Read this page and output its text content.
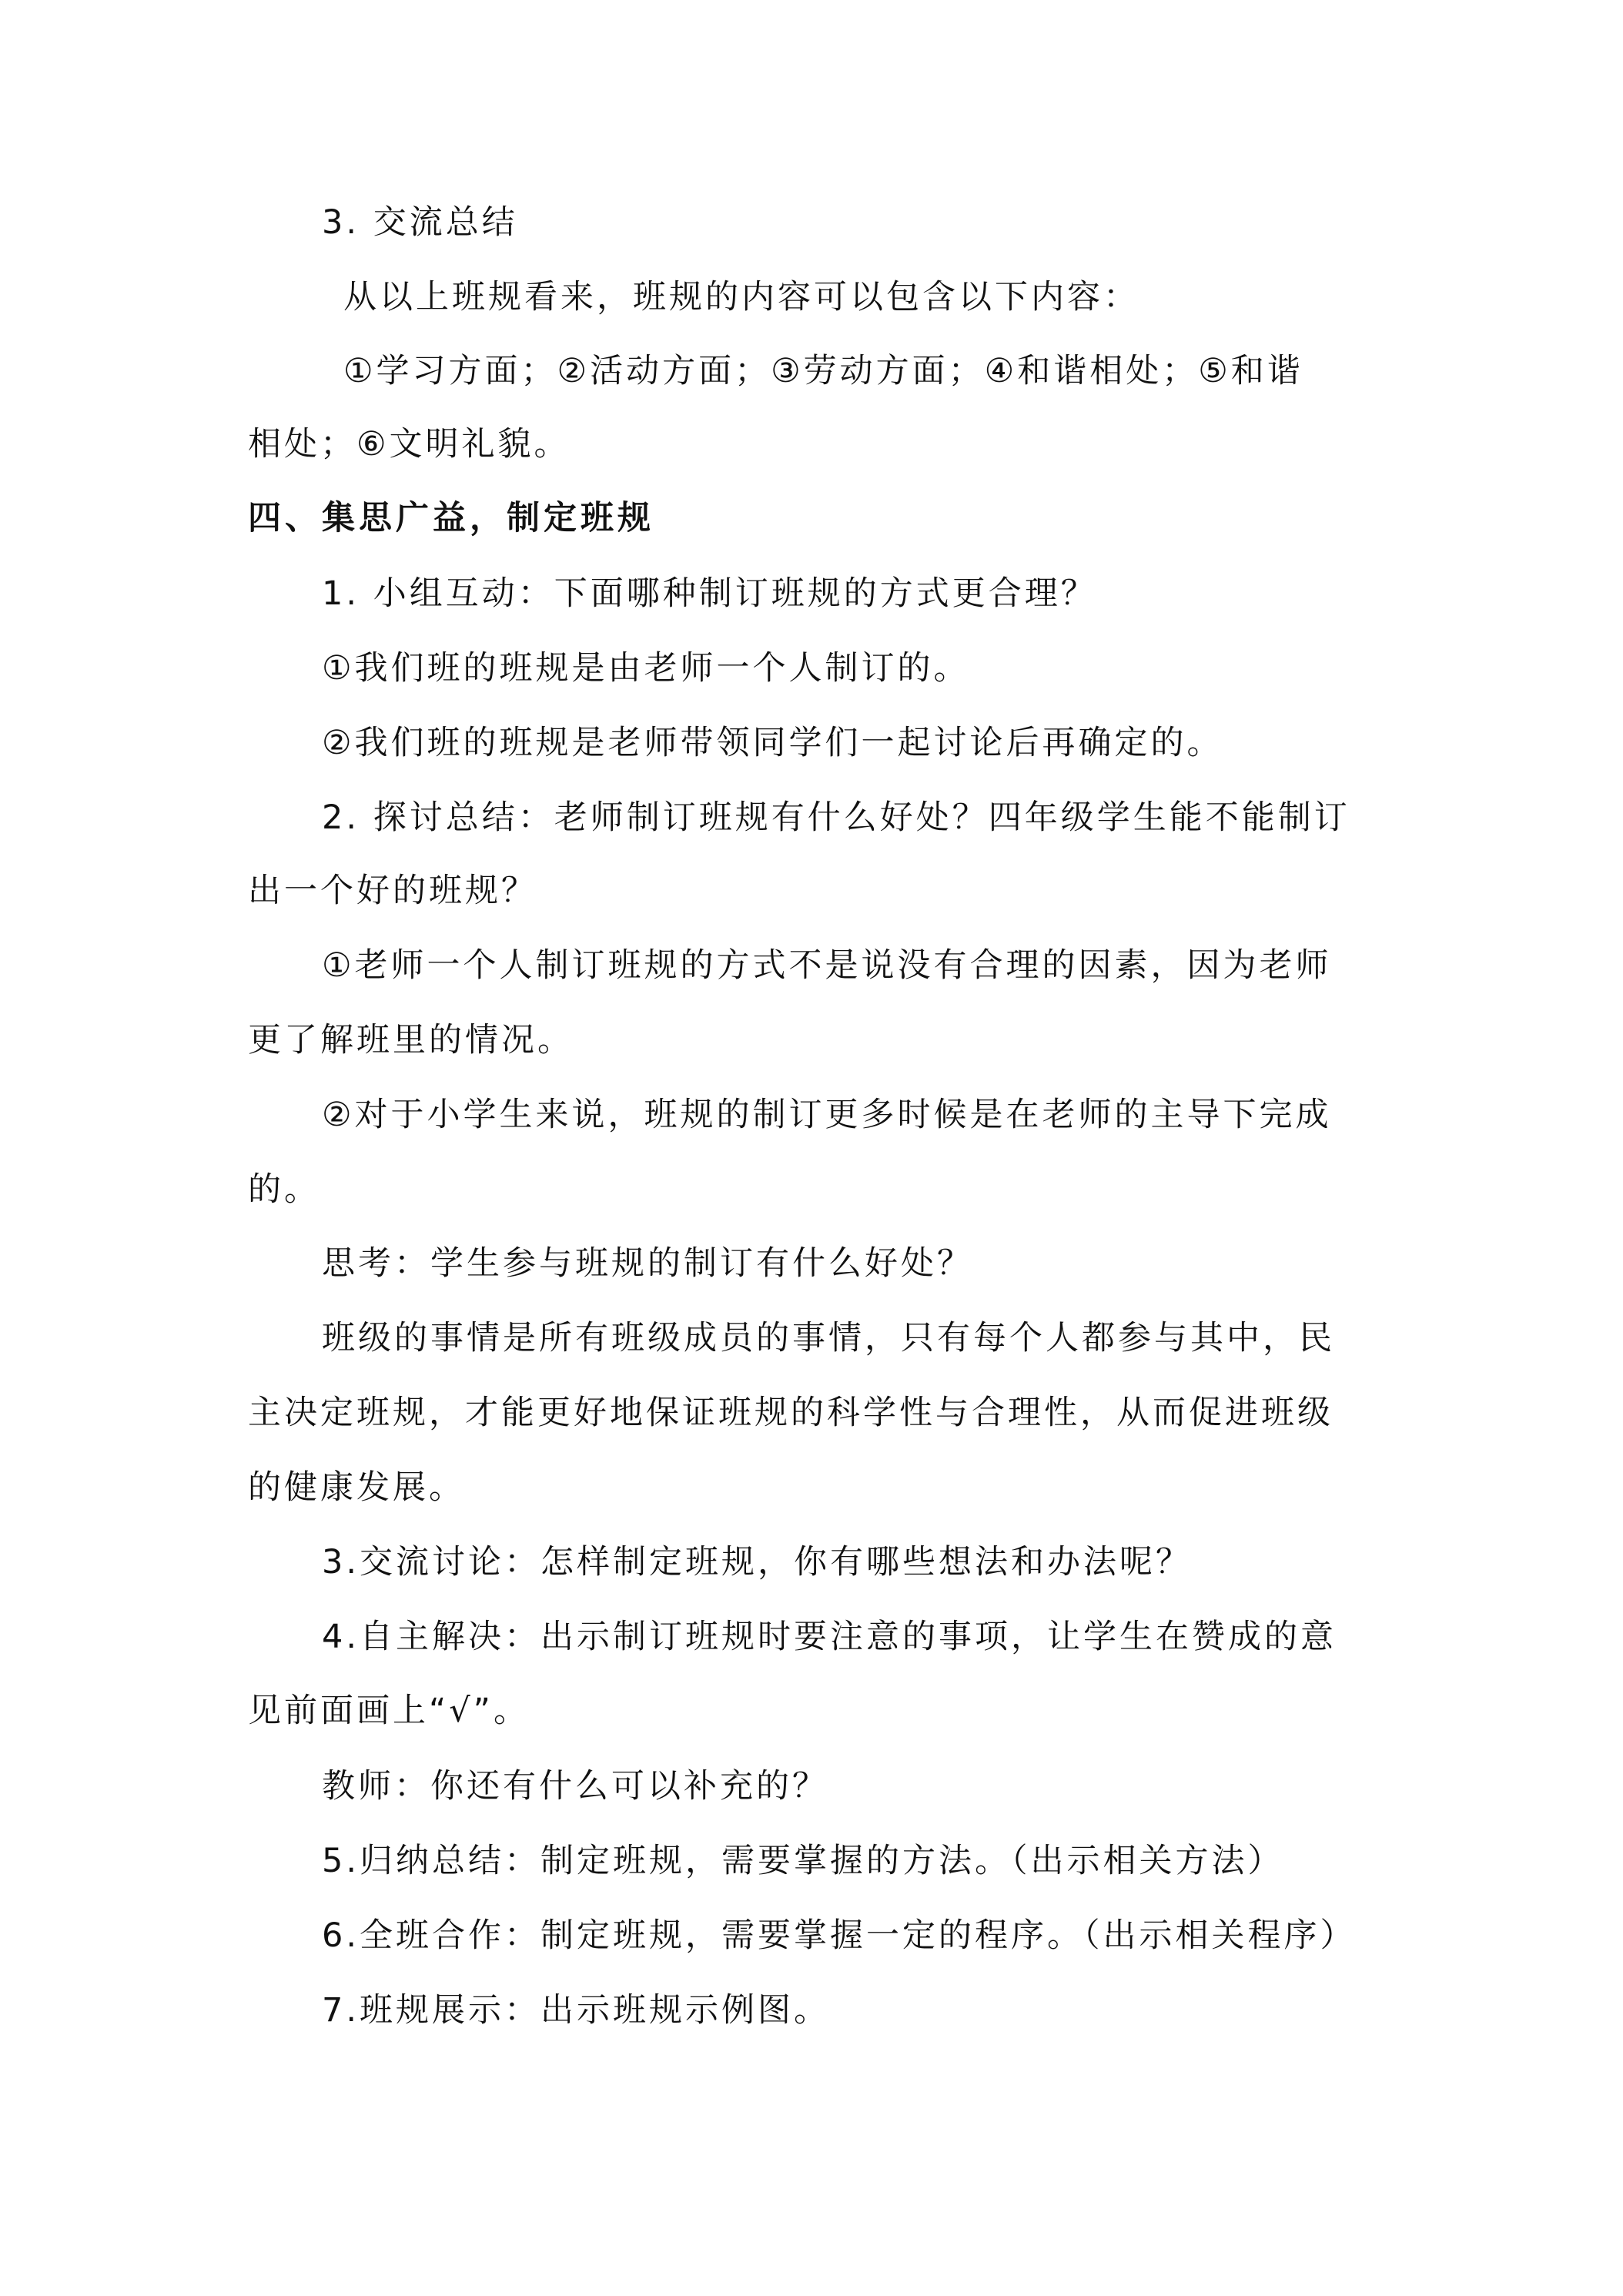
3. 交流总结
从以上班规看来，班规的内容可以包含以下内容：
①学习方面；②活动方面；③劳动方面；④和谐相处；⑤和谐
相处；⑥文明礼貌。
四、集思广益，制定班规
1. 小组互动：下面哪种制订班规的方式更合理？
①我们班的班规是由老师一个人制订的。
②我们班的班规是老师带领同学们一起讨论后再确定的。
2. 探讨总结：老师制订班规有什么好处？四年级学生能不能制订
出一个好的班规？
①老师一个人制订班规的方式不是说没有合理的因素，因为老师
更了解班里的情况。
②对于小学生来说，班规的制订更多时候是在老师的主导下完成
的。
思考：学生参与班规的制订有什么好处？
班级的事情是所有班级成员的事情，只有每个人都参与其中，民
主决定班规，才能更好地保证班规的科学性与合理性，从而促进班级
的健康发展。
3.交流讨论：怎样制定班规，你有哪些想法和办法呢？
4.自主解决：出示制订班规时要注意的事项，让学生在赞成的意
见前面画上“√”。
教师：你还有什么可以补充的？
5.归纳总结：制定班规，需要掌握的方法。（出示相关方法）
6.全班合作：制定班规，需要掌握一定的程序。（出示相关程序）
7.班规展示：出示班规示例图。
